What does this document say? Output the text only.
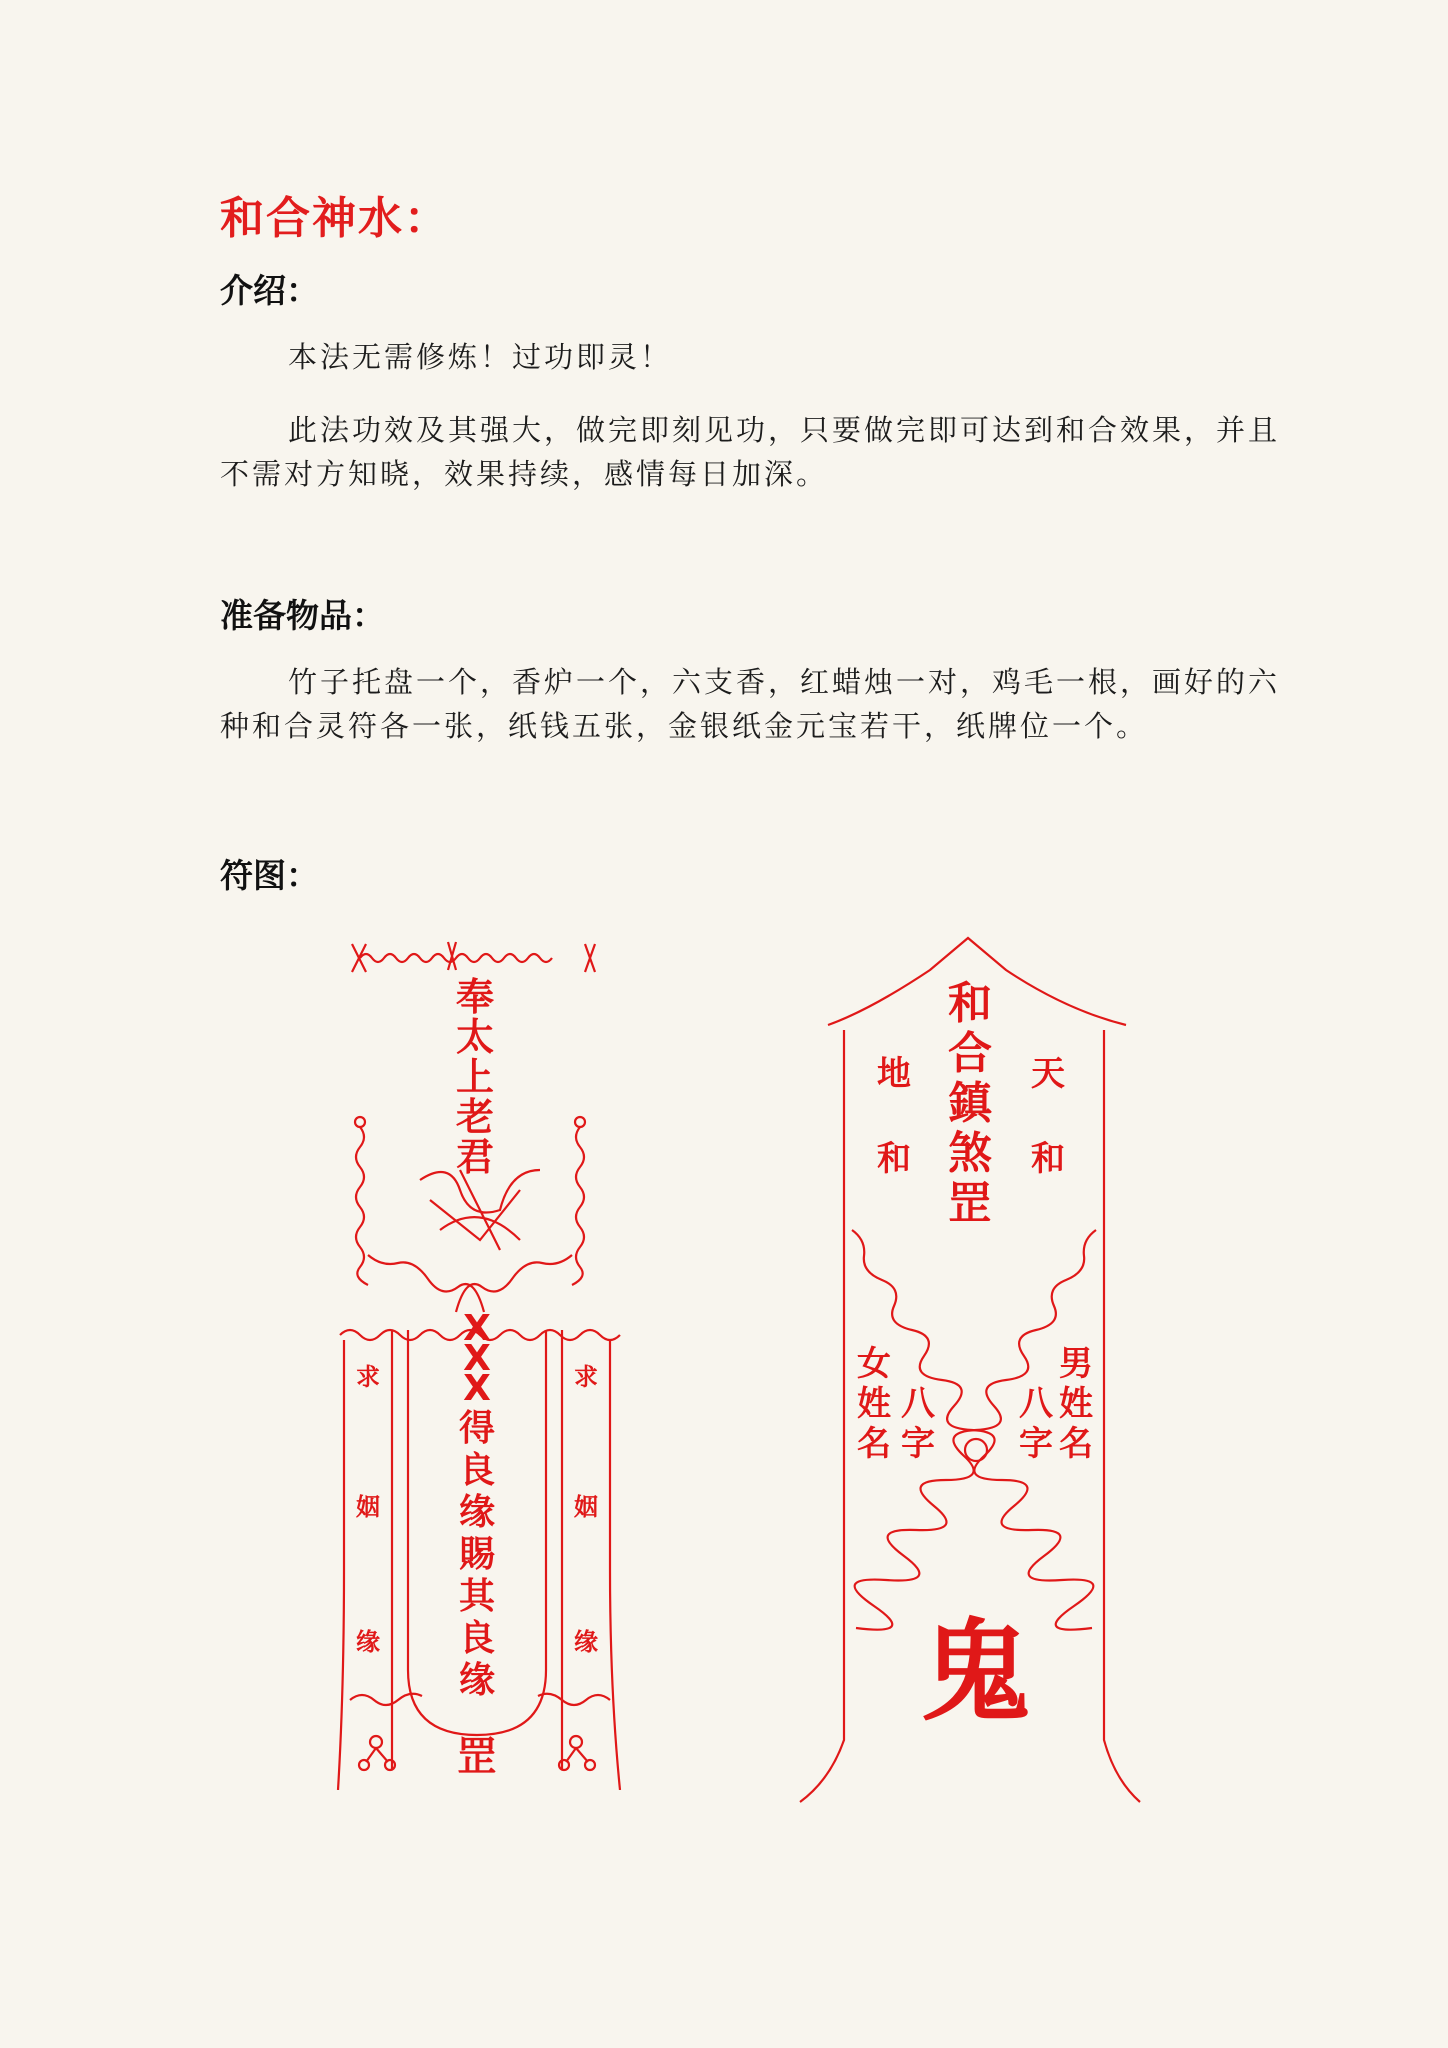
和合神水：
介绍：

本法无需修炼！过功即灵！

此法功效及其强大，做完即刻见功，只要做完即可达到和合效果，并且不需对方知晓，效果持续，感情每日加深。

准备物品：

竹子托盘一个，香炉一个，六支香，红蜡烛一对，鸡毛一根，画好的六种和合灵符各一张，纸钱五张，金银纸金元宝若干，纸牌位一个。

符图：
奉
太
上
老
君
X
X
X
得
良
缘
賜
其
良
缘
求
姻
缘
求
姻
缘
罡
和
合
鎮
煞
罡
地
和
天
和
女
姓
名
八
字
男
姓
名
八
字
鬼
